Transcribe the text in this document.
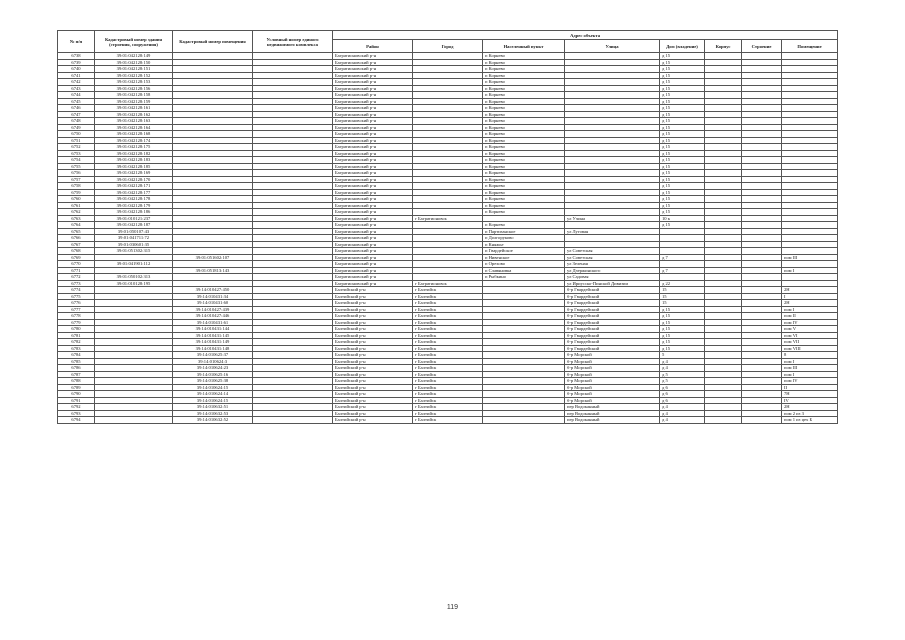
№ п/п	Кадастровый номер здания (строения, сооружения)	Кадастровый номер помещения	Условный номер единого недвижимого комплекса	Адрес объекта							
				Район	Город	Населенный пункт	Улица	Дом (владение)	Корпус	Строение	Помещение
6738	39:01:042128:149			Багратионовский р-н		п Корнево		д 15			
6739	39:01:042128:150			Багратионовский р-н		п Корнево		д 15			
6740	39:01:042128:151			Багратионовский р-н		п Корнево		д 15			
6741	39:01:042128:152			Багратионовский р-н		п Корнево		д 15			
6742	39:01:042128:153			Багратионовский р-н		п Корнево		д 15			
6743	39:01:042128:156			Багратионовский р-н		п Корнево		д 15			
6744	39:01:042128:158			Багратионовский р-н		п Корнево		д 15			
6745	39:01:042128:159			Багратионовский р-н		п Корнево		д 15			
6746	39:01:042128:161			Багратионовский р-н		п Корнево		д 15			
6747	39:01:042128:162			Багратионовский р-н		п Корнево		д 15			
6748	39:01:042128:163			Багратионовский р-н		п Корнево		д 15			
6749	39:01:042128:164			Багратионовский р-н		п Корнево		д 15			
6750	39:01:042128:168			Багратионовский р-н		п Корнево		д 15			
6751	39:01:042128:174			Багратионовский р-н		п Корнево		д 15			
6752	39:01:042128:175			Багратионовский р-н		п Корнево		д 15			
6753	39:01:042128:182			Багратионовский р-н		п Корнево		д 15			
6754	39:01:042128:183			Багратионовский р-н		п Корнево		д 15			
6755	39:01:042128:185			Багратионовский р-н		п Корнево		д 15			
6756	39:01:042128:169			Багратионовский р-н		п Корнево		д 15			
6757	39:01:042128:170			Багратионовский р-н		п Корнево		д 15			
6758	39:01:042128:171			Багратионовский р-н		п Корнево		д 15			
6759	39:01:042128:177			Багратионовский р-н		п Корнево		д 15			
6760	39:01:042128:178			Багратионовский р-н		п Корнево		д 15			
6761	39:01:042128:179			Багратионовский р-н		п Корнево		д 15			
6762	39:01:042128:186			Багратионовский р-н		п Корнево		д 15			
6763	39:01:010121:237			Багратионовский р-н	г Багратионовск		ул Учина	10 к			
6764	39:01:042128:187			Багратионовский р-н		п Корнево		д 15			
6765	39:01:050107:43			Багратионовский р-н		п Партизанское	ул Луговая				
6766	39:01:041711:72			Багратионовский р-н		п Долгоруково					
6767	39:01:030601:35			Багратионовский р-н		п Княжье					
6768	39:01:051302:315			Багратионовский р-н		п Гвардейское	ул Советская				
6769		39:01:051602:107		Багратионовский р-н		п Нивенское	ул Советская	д 7			пом III
6770	39:01:041901:112			Багратионовский р-н		п Орехово	ул Зеленая				
6771		39:01:051813:143		Багратионовский р-н		п Славяновка	ул Дзержинского	д 7			пом I
6772	39:01:050102:313			Багратионовский р-н		п Рыбкино	ул Садовая				
6773	39:01:010128:195			Багратионовский р-н	г Багратионовск		ул Ириусско-Пинской Дивизии	д 22			
6774		39:14:010427:450		Балтийский р-н	г Балтийск		б-р Гвардейский	15			2Н
6775		39:14:010431:34		Балтийский р-н	г Балтийск		б-р Гвардейский	15			I
6776		39:14:010431:60		Балтийский р-н	г Балтийск		б-р Гвардейский	15			2Н
6777		39:14:010427:439		Балтийский р-н	г Балтийск		б-р Гвардейский	д 15			пом I
6778		39:14:010427:446		Балтийский р-н	г Балтийск		б-р Гвардейский	д 15			пом II
6779		39:14:010431:61		Балтийский р-н	г Балтийск		б-р Гвардейский	д 15			пом IV
6780		39:14:010431:144		Балтийский р-н	г Балтийск		б-р Гвардейский	д 15			пом V
6781		39:14:010431:145		Балтийский р-н	г Балтийск		б-р Гвардейский	д 15			пом VI
6782		39:14:010431:149		Балтийский р-н	г Балтийск		б-р Гвардейский	д 15			пом VII
6783		39:14:010431:148		Балтийский р-н	г Балтийск		б-р Гвардейский	д 15			пом VIII
6784		39:14:010625:37		Балтийский р-н	г Балтийск		б-р Морской	5			8
6785		39:14:010624:3		Балтийский р-н	г Балтийск		б-р Морской	д 4			пом I
6786		39:14:010624:23		Балтийский р-н	г Балтийск		б-р Морской	д 4			пом III
6787		39:14:010625:16		Балтийский р-н	г Балтийск		б-р Морской	д 5			пом I
6788		39:14:010625:38		Балтийский р-н	г Балтийск		б-р Морской	д 5			пом IV
6789		39:14:010624:15		Балтийский р-н	г Балтийск		б-р Морской	д 6			II
6790		39:14:010624:14		Балтийский р-н	г Балтийск		б-р Морской	д 6			7Н
6791		39:14:010624:15		Балтийский р-н	г Балтийск		б-р Морской	д 6			IV
6792		39:14:010632:51		Балтийский р-н	г Балтийск		пер Водоканный	д 4			2Н
6793		39:14:010632:53		Балтийский р-н	г Балтийск		пер Водоканный	д 4			пом 2 из 3
6794		39:14:010632:52		Балтийский р-н	г Балтийск		пер Водоканный	д 4			пом 1 из цех Б
119
